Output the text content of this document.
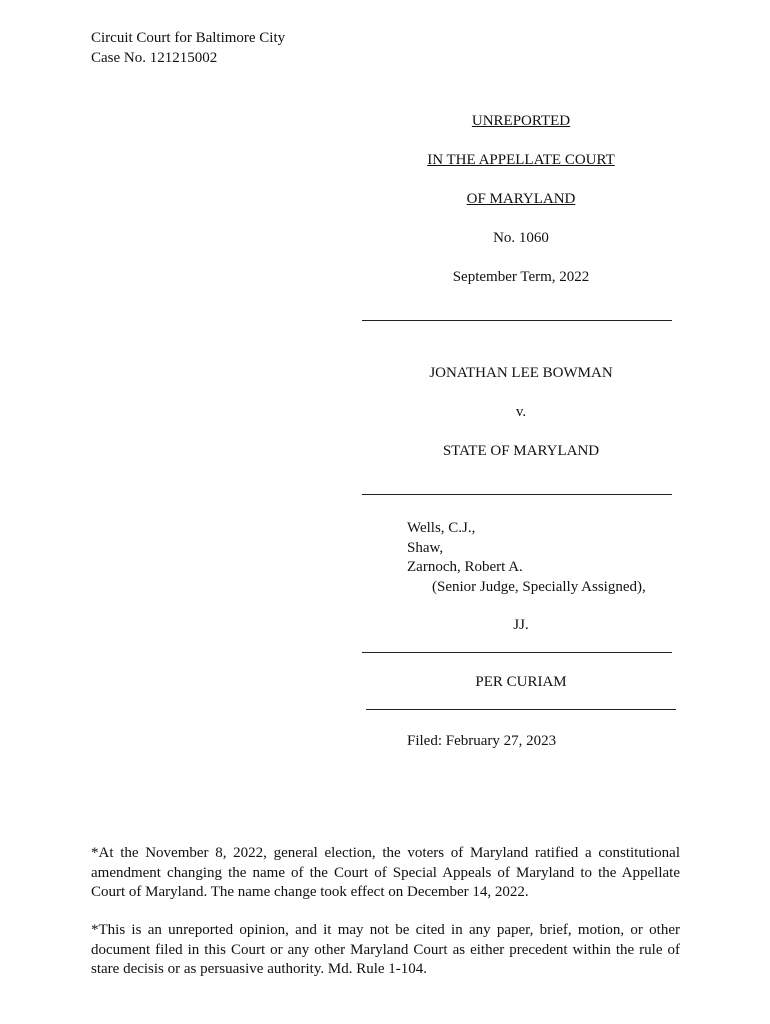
Circuit Court for Baltimore City
Case No. 121215002
UNREPORTED
IN THE APPELLATE COURT
OF MARYLAND
No. 1060
September Term, 2022
JONATHAN LEE BOWMAN
v.
STATE OF MARYLAND
Wells, C.J.,
Shaw,
Zarnoch, Robert A.
(Senior Judge, Specially Assigned),
JJ.
PER CURIAM
Filed: February 27, 2023
*At the November 8, 2022, general election, the voters of Maryland ratified a constitutional amendment changing the name of the Court of Special Appeals of Maryland to the Appellate Court of Maryland. The name change took effect on December 14, 2022.
*This is an unreported opinion, and it may not be cited in any paper, brief, motion, or other document filed in this Court or any other Maryland Court as either precedent within the rule of stare decisis or as persuasive authority. Md. Rule 1-104.
